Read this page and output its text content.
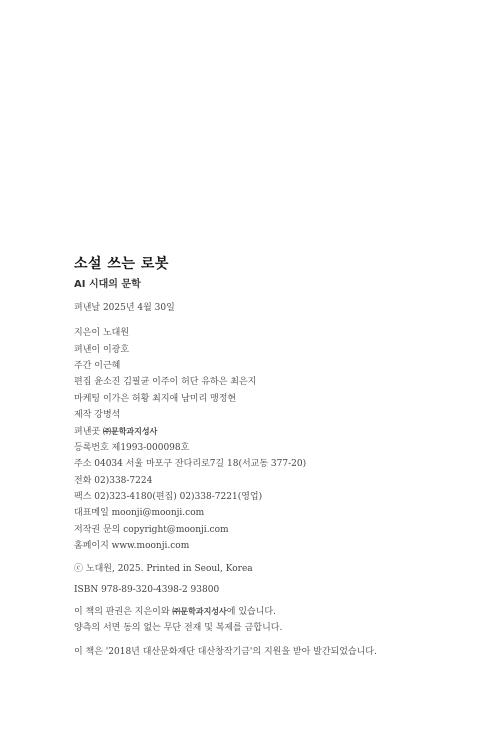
소설 쓰는 로봇
AI 시대의 문학
펴낸날 2025년 4월 30일
지은이 노대원
펴낸이 이광호
주간 이근혜
편집 윤소진 김필균 이주이 허단 유하은 최은지
마케팅 이가은 허황 최지애 남미리 맹정현
제작 강병석
펴낸곳 ㈜문학과지성사
등록번호 제1993-000098호
주소 04034 서울 마포구 잔다리로7길 18(서교동 377-20)
전화 02)338-7224
팩스 02)323-4180(편집) 02)338-7221(영업)
대표메일 moonji@moonji.com
저작권 문의 copyright@moonji.com
홈페이지 www.moonji.com
ⓒ 노대원, 2025. Printed in Seoul, Korea
ISBN 978-89-320-4398-2 93800
이 책의 판권은 지은이와 ㈜문학과지성사에 있습니다.
양측의 서면 동의 없는 무단 전재 및 복제를 금합니다.
이 책은 '2018년 대산문화재단 대산창작기금'의 지원을 받아 발간되었습니다.
